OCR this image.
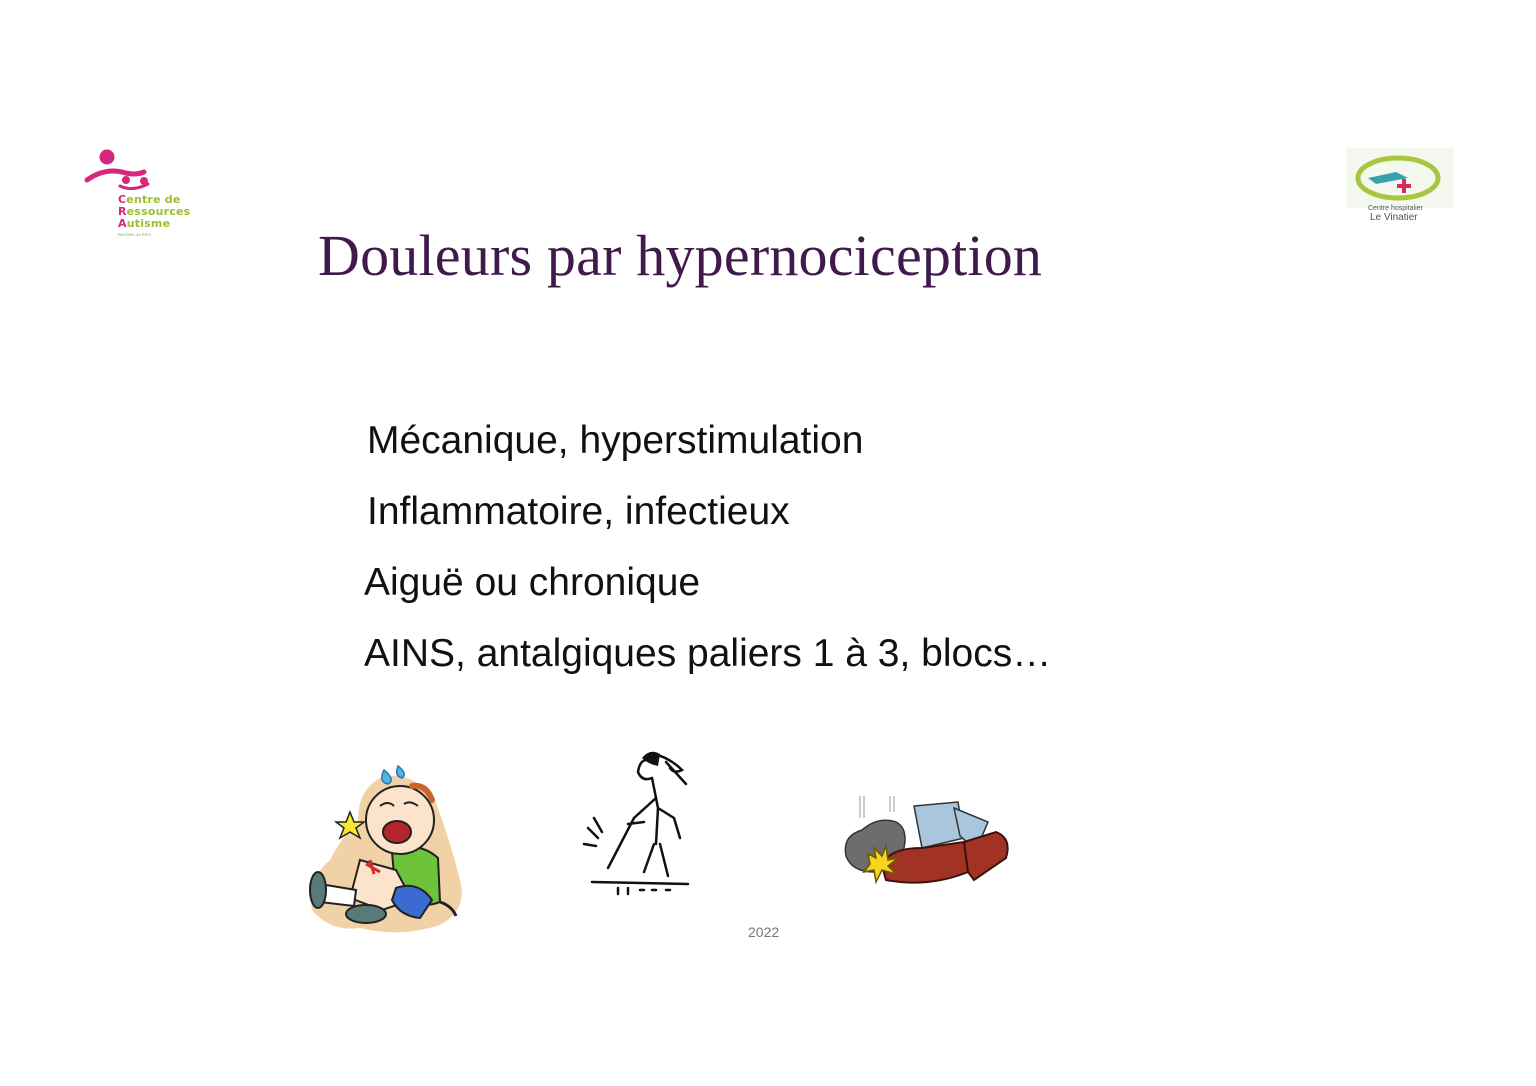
Centre de
Ressources
Autisme
RHÔNE-ALPES
Centre hospitalier
Le Vinatier
Douleurs par hypernociception
Mécanique, hyperstimulation
Inflammatoire, infectieux
Aiguë ou chronique
AINS, antalgiques paliers 1 à 3, blocs…
2022
